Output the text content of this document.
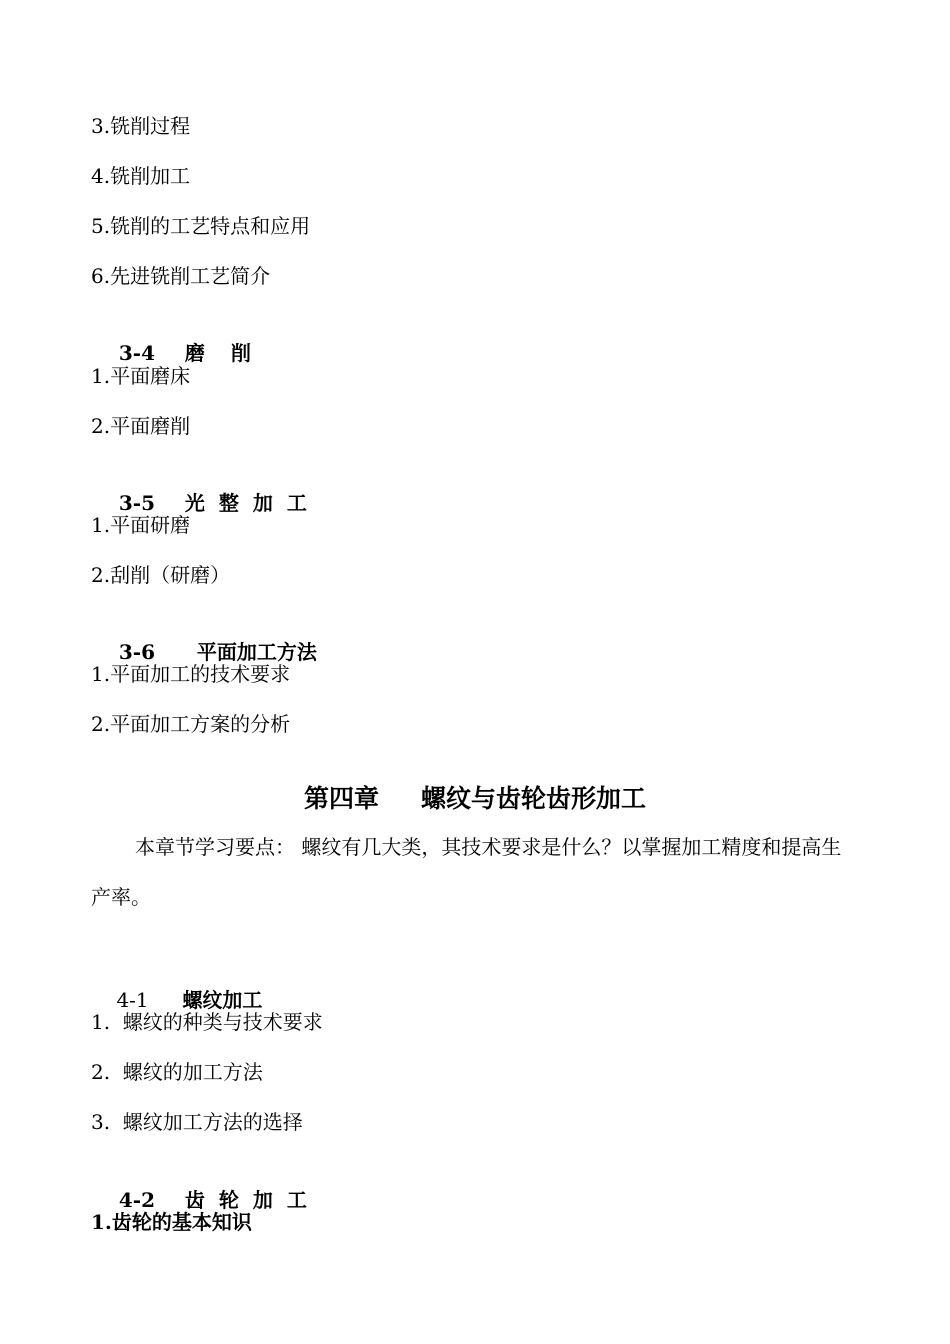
3.铣削过程
4.铣削加工
5.铣削的工艺特点和应用
6.先进铣削工艺简介

3-4 磨削

1.平面磨床
2.平面磨削

3-5 光整加工

1.平面研磨
2.刮削（研磨）

3-6 平面加工方法

1.平面加工的技术要求
2.平面加工方案的分析
第四章 螺纹与齿轮齿形加工
本章节学习要点： 螺纹有几大类，其技术要求是什么？以掌握加工精度和提高生产率。

4-1 螺纹加工

1.  螺纹的种类与技术要求
2.  螺纹的加工方法
3.  螺纹加工方法的选择

4-2 齿轮加工

1.齿轮的基本知识
